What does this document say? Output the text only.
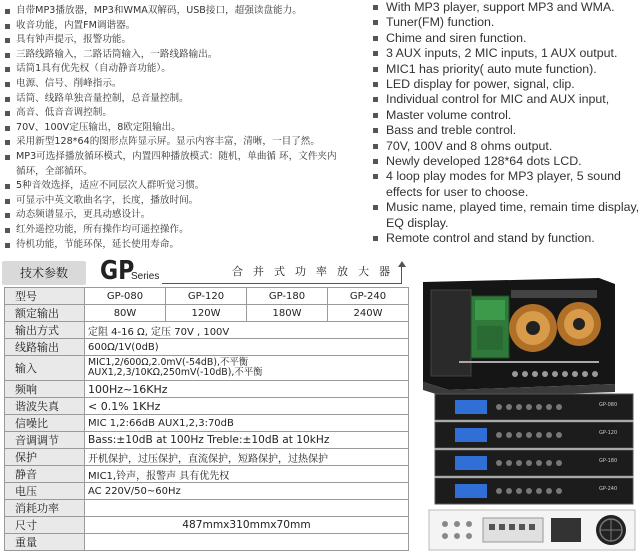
自带MP3播放器，MP3和WMA双解码，USB接口，超强读盘能力。
收音功能，内置FM调谐器。
具有钟声提示，报警功能。
三路线路输入，二路话筒输入，一路线路输出。
话筒1具有优先权（自动静音功能）。
电源、信号、削峰指示。
话筒、线路单独音量控制，总音量控制。
高音、低音音调控制。
70V、100V定压输出，8欧定阻输出。
采用新型128*64的图形点阵显示屏。显示内容丰富，清晰，一目了然。
MP3可选择播放循环模式，内置四种播放模式：随机，单曲循 环，文件夹内循环，全部循环。
5种音效选择，适应不同层次人群听觉习惯。
可显示中英文歌曲名字，长度，播放时间。
动态频谱显示，更具动感设计。
红外遥控功能，所有操作均可遥控操作。
待机功能，节能环保，延长使用寿命。
With MP3 player, support MP3 and WMA.
Tuner(FM) function.
Chime and siren function.
3 AUX inputs, 2 MIC inputs, 1 AUX output.
MIC1 has priority( auto mute function).
LED display for power, signal, clip.
Individual control for MIC and AUX input,
Master volume control.
Bass and treble control.
70V, 100V and 8 ohms output.
Newly developed 128*64 dots LCD.
4 loop play modes for MP3 player, 5 sound effects for user to choose.
Music name, played time, remain time display, EQ display.
Remote control and stand by function.
技术参数	GP
Series	合并式功率放大器
型号	GP-080	GP-120	GP-180	GP-240
额定输出	80W	120W	180W	240W
输出方式	定阻 4-16 Ω, 定压 70V , 100V			
线路输出	600Ω/1V(0dB)			
输入	MIC1,2/600Ω,2.0mV(-54dB),不平衡
AUX1,2,3/10KΩ,250mV(-10dB),不平衡			

频响	100Hz~16KHz			
谐波失真	< 0.1% 1KHz			
信噪比	MIC 1,2:66dB AUX1,2,3:70dB			
音调调节	Bass:±10dB at 100Hz Treble:±10dB at 10kHz			
保护	开机保护，过压保护，直流保护，短路保护，过热保护			
静音	MIC1,铃声，报警声 具有优先权			
电压	AC 220V/50~60Hz			
消耗功率				
尺寸	487mmx310mmx70mm			
重量				
GP-080
GP-120
GP-180
GP-240
